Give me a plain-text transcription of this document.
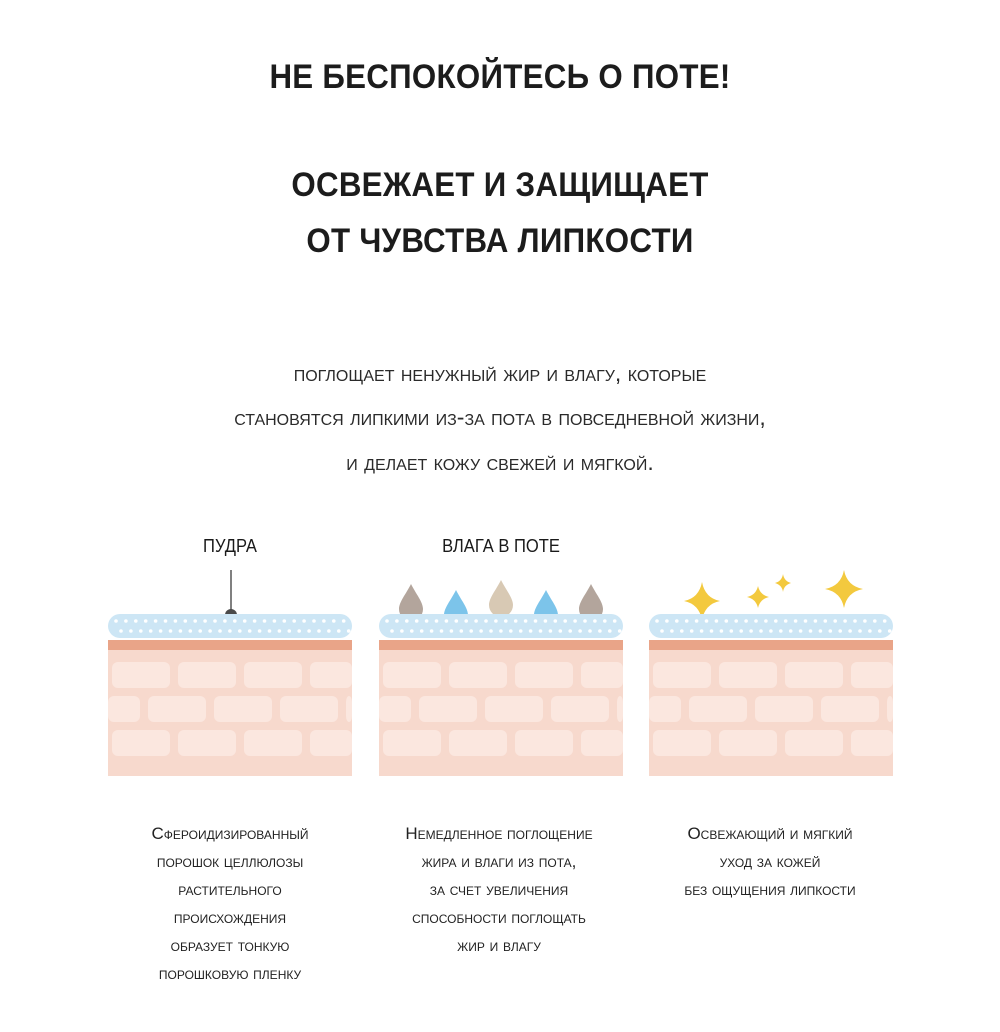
НЕ БЕСПОКОЙТЕСЬ О ПОТЕ!
ОСВЕЖАЕТ И ЗАЩИЩАЕТ
ОТ ЧУВСТВА ЛИПКОСТИ
поглощает ненужный жир и влагу, которые
становятся липкими из-за пота в повседневной жизни,
и делает кожу свежей и мягкой.
ПУДРА	ВЛАГА В ПОТЕ
Сфероидизированный
порошок целлюлозы
растительного
происхождения
образует тонкую
порошковую пленку
Немедленное поглощение
жира и влаги из пота,
за счет увеличения
способности поглощать
жир и влагу
Освежающий и мягкий
уход за кожей
без ощущения липкости
